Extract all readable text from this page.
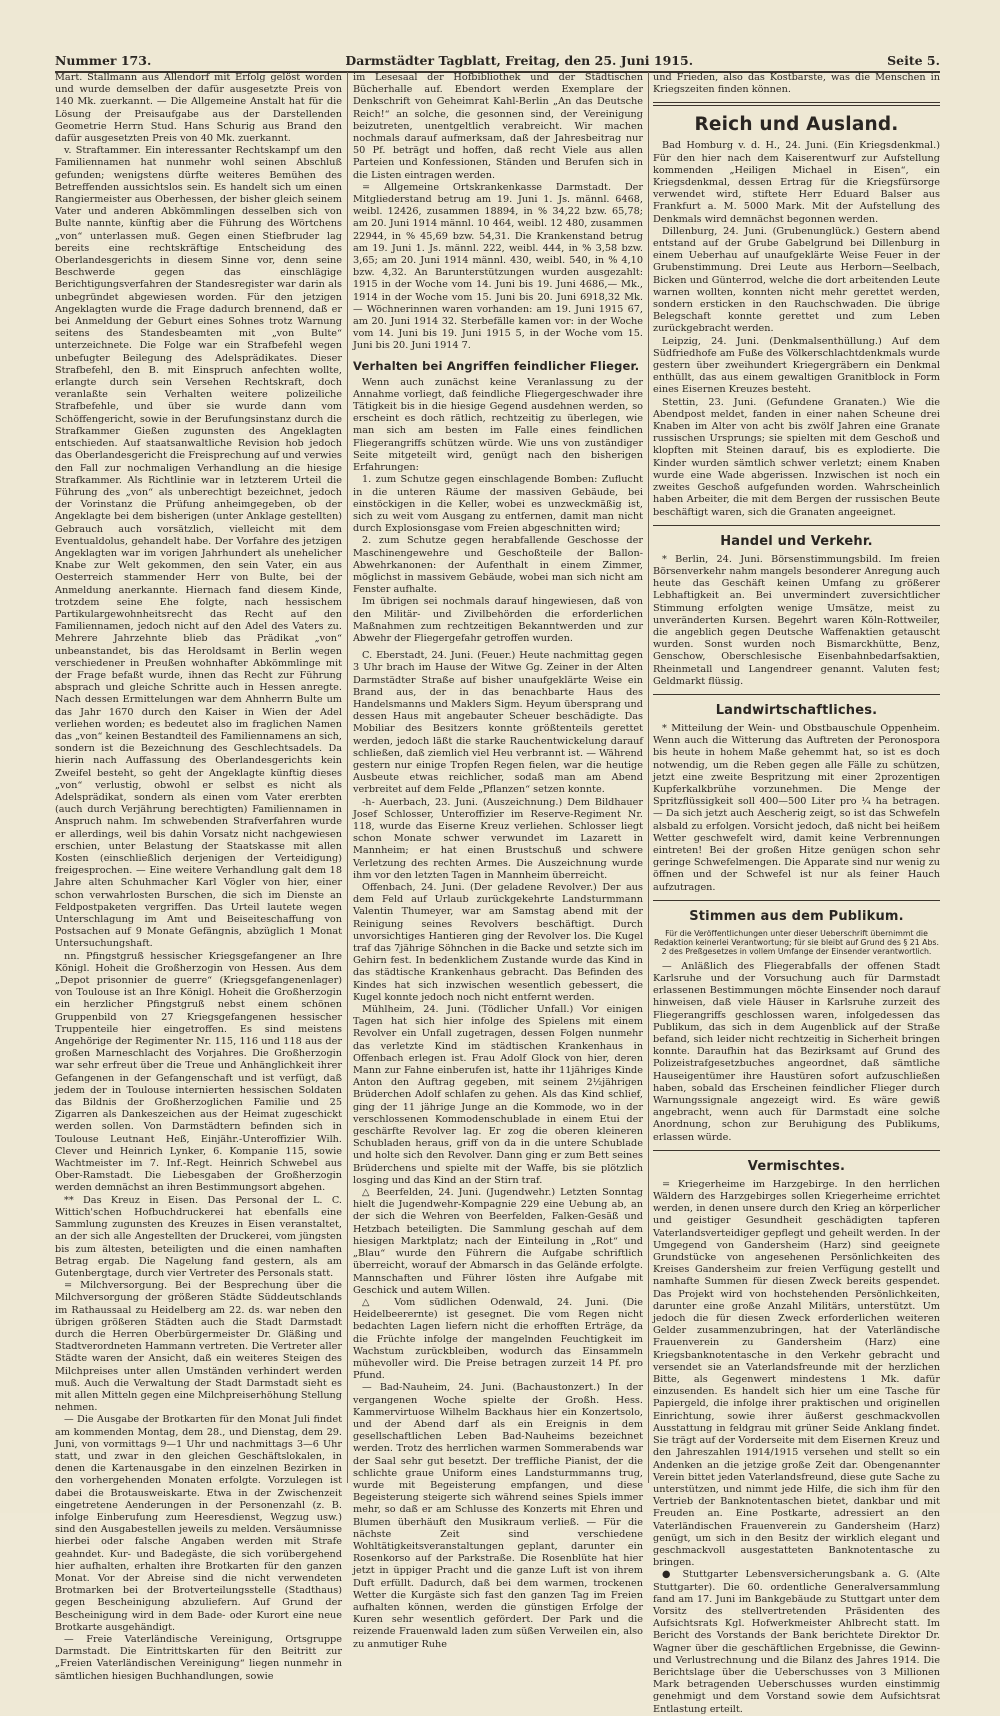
Nummer 173.	Darmstädter Tagblatt, Freitag, den 25. Juni 1915.	Seite 5.

Mart. Stallmann aus Allendorf mit Erfolg gelöst worden und wurde demselben der dafür ausgesetzte Preis von 140 Mk. zuerkannt. — Die Allgemeine Anstalt hat für die Lösung der Preisaufgabe aus der Darstellenden Geometrie Herrn Stud. Hans Schurig aus Brand den dafür ausgesetzten Preis von 40 Mk. zuerkannt.

v. Straftammer. Ein interessanter Rechtskampf um den Familiennamen hat nunmehr wohl seinen Abschluß gefunden; wenigstens dürfte weiteres Bemühen des Betreffenden aussichtslos sein. Es handelt sich um einen Rangiermeister aus Oberhessen, der bisher gleich seinem Vater und anderen Abkömmlingen desselben sich von Bulte nannte, künftig aber die Führung des Wörtchens „von“ unterlassen muß. Gegen einen Stiefbruder lag bereits eine rechtskräftige Entscheidung des Oberlandesgerichts in diesem Sinne vor, denn seine Beschwerde gegen das einschlägige Berichtigungsverfahren der Standesregister war darin als unbegründet abgewiesen worden. Für den jetzigen Angeklagten wurde die Frage dadurch brennend, daß er bei Anmeldung der Geburt eines Sohnes trotz Warnung seitens des Standesbeamten mit „von Bulte“ unterzeichnete. Die Folge war ein Strafbefehl wegen unbefugter Beilegung des Adelsprädikates. Dieser Strafbefehl, den B. mit Einspruch anfechten wollte, erlangte durch sein Versehen Rechtskraft, doch veranlaßte sein Verhalten weitere polizeiliche Strafbefehle, und über sie wurde dann vom Schöffengericht, sowie in der Berufungsinstanz durch die Strafkammer Gießen zugunsten des Angeklagten entschieden. Auf staatsanwaltliche Revision hob jedoch das Oberlandesgericht die Freisprechung auf und verwies den Fall zur nochmaligen Verhandlung an die hiesige Strafkammer. Als Richtlinie war in letzterem Urteil die Führung des „von“ als unberechtigt bezeichnet, jedoch der Vorinstanz die Prüfung anheimgegeben, ob der Angeklagte bei dem bisherigen (unter Anklage gestellten) Gebrauch auch vorsätzlich, vielleicht mit dem Eventualdolus, gehandelt habe. Der Vorfahre des jetzigen Angeklagten war im vorigen Jahrhundert als unehelicher Knabe zur Welt gekommen, den sein Vater, ein aus Oesterreich stammender Herr von Bulte, bei der Anmeldung anerkannte. Hiernach fand diesem Kinde, trotzdem seine Ehe folgte, nach hessischem Partikulargewohnheitsrecht das Recht auf den Familiennamen, jedoch nicht auf den Adel des Vaters zu. Mehrere Jahrzehnte blieb das Prädikat „von“ unbeanstandet, bis das Heroldsamt in Berlin wegen verschiedener in Preußen wohnhafter Abkömmlinge mit der Frage befaßt wurde, ihnen das Recht zur Führung absprach und gleiche Schritte auch in Hessen anregte. Nach dessen Ermittelungen war dem Ahnherrn Bulte um das Jahr 1670 durch den Kaiser in Wien der Adel verliehen worden; es bedeutet also im fraglichen Namen das „von“ keinen Bestandteil des Familiennamens an sich, sondern ist die Bezeichnung des Geschlechtsadels. Da hierin nach Auffassung des Oberlandesgerichts kein Zweifel besteht, so geht der Angeklagte künftig dieses „von“ verlustig, obwohl er selbst es nicht als Adelsprädikat, sondern als einen vom Vater ererbten (auch durch Verjährung berechtigten) Familiennamen in Anspruch nahm. Im schwebenden Strafverfahren wurde er allerdings, weil bis dahin Vorsatz nicht nachgewiesen erschien, unter Belastung der Staatskasse mit allen Kosten (einschließlich derjenigen der Verteidigung) freigesprochen. — Eine weitere Verhandlung galt dem 18 Jahre alten Schuhmacher Karl Vögler von hier, einer schon verwahrlosten Burschen, die sich im Dienste an Feldpostpaketen vergriffen. Das Urteil lautete wegen Unterschlagung im Amt und Beiseiteschaffung von Postsachen auf 9 Monate Gefängnis, abzüglich 1 Monat Untersuchungshaft.

nn. Pfingstgruß hessischer Kriegsgefangener an Ihre Königl. Hoheit die Großherzogin von Hessen. Aus dem „Depot prisonnier de guerre“ (Kriegsgefangenenlager) von Toulouse ist an Ihre Königl. Hoheit die Großherzogin ein herzlicher Pfingstgruß nebst einem schönen Gruppenbild von 27 Kriegsgefangenen hessischer Truppenteile hier eingetroffen. Es sind meistens Angehörige der Regimenter Nr. 115, 116 und 118 aus der großen Marneschlacht des Vorjahres. Die Großherzogin war sehr erfreut über die Treue und Anhänglichkeit ihrer Gefangenen in der Gefangenschaft und ist verfügt, daß jedem der in Toulouse internierten hessischen Soldaten das Bildnis der Großherzoglichen Familie und 25 Zigarren als Dankeszeichen aus der Heimat zugeschickt werden sollen. Von Darmstädtern befinden sich in Toulouse Leutnant Heß, Einjähr.-Unteroffizier Wilh. Clever und Heinrich Lynker, 6. Kompanie 115, sowie Wachtmeister im 7. Inf.-Regt. Heinrich Schwebel aus Ober-Ramstadt. Die Liebesgaben der Großherzogin werden demnächst an ihren Bestimmungsort abgehen.

** Das Kreuz in Eisen. Das Personal der L. C. Wittich'schen Hofbuchdruckerei hat ebenfalls eine Sammlung zugunsten des Kreuzes in Eisen veranstaltet, an der sich alle Angestellten der Druckerei, vom jüngsten bis zum ältesten, beteiligten und die einen namhaften Betrag ergab. Die Nagelung fand gestern, als am Gutenbergtage, durch vier Vertreter des Personals statt.

= Milchversorgung. Bei der Besprechung über die Milchversorgung der größeren Städte Süddeutschlands im Rathaussaal zu Heidelberg am 22. ds. war neben den übrigen größeren Städten auch die Stadt Darmstadt durch die Herren Oberbürgermeister Dr. Gläßing und Stadtverordneten Hammann vertreten. Die Vertreter aller Städte waren der Ansicht, daß ein weiteres Steigen des Milchpreises unter allen Umständen verhindert werden muß. Auch die Verwaltung der Stadt Darmstadt sieht es mit allen Mitteln gegen eine Milchpreiserhöhung Stellung nehmen.

— Die Ausgabe der Brotkarten für den Monat Juli findet am kommenden Montag, dem 28., und Dienstag, dem 29. Juni, von vormittags 9—1 Uhr und nachmittags 3—6 Uhr statt, und zwar in den gleichen Geschäftslokalen, in denen die Kartenausgabe in den einzelnen Bezirken in den vorhergehenden Monaten erfolgte. Vorzulegen ist dabei die Brotausweiskarte. Etwa in der Zwischenzeit eingetretene Aenderungen in der Personenzahl (z. B. infolge Einberufung zum Heeresdienst, Wegzug usw.) sind den Ausgabestellen jeweils zu melden. Versäumnisse hierbei oder falsche Angaben werden mit Strafe geahndet. Kur- und Badegäste, die sich vorübergehend hier aufhalten, erhalten ihre Brotkarten für den ganzen Monat. Vor der Abreise sind die nicht verwendeten Brotmarken bei der Brotverteilungsstelle (Stadthaus) gegen Bescheinigung abzuliefern. Auf Grund der Bescheinigung wird in dem Bade- oder Kurort eine neue Brotkarte ausgehändigt.

— Freie Vaterländische Vereinigung, Ortsgruppe Darmstadt. Die Eintrittskarten für den Beitritt zur „Freien Vaterländischen Vereinigung“ liegen nunmehr in sämtlichen hiesigen Buchhandlungen, sowie

im Lesesaal der Hofbibliothek und der Städtischen Bücherhalle auf. Ebendort werden Exemplare der Denkschrift von Geheimrat Kahl-Berlin „An das Deutsche Reich!“ an solche, die gesonnen sind, der Vereinigung beizutreten, unentgeltlich verabreicht. Wir machen nochmals darauf aufmerksam, daß der Jahresbeitrag nur 50 Pf. beträgt und hoffen, daß recht Viele aus allen Parteien und Konfessionen, Ständen und Berufen sich in die Listen eintragen werden.

= Allgemeine Ortskrankenkasse Darmstadt. Der Mitgliederstand betrug am 19. Juni 1. Js. männl. 6468, weibl. 12426, zusammen 18894, in % 34,22 bzw. 65,78; am 20. Juni 1914 männl. 10 464, weibl. 12 480, zusammen 22944, in % 45,69 bzw. 54,31. Die Krankenstand betrug am 19. Juni 1. Js. männl. 222, weibl. 444, in % 3,58 bzw. 3,65; am 20. Juni 1914 männl. 430, weibl. 540, in % 4,10 bzw. 4,32. An Barunterstützungen wurden ausgezahlt: 1915 in der Woche vom 14. Juni bis 19. Juni 4686,— Mk., 1914 in der Woche vom 15. Juni bis 20. Juni 6918,32 Mk. — Wöchnerinnen waren vorhanden: am 19. Juni 1915 67, am 20. Juni 1914 32. Sterbefälle kamen vor: in der Woche vom 14. Juni bis 19. Juni 1915 5, in der Woche vom 15. Juni bis 20. Juni 1914 7.

Verhalten bei Angriffen feindlicher Flieger.

Wenn auch zunächst keine Veranlassung zu der Annahme vorliegt, daß feindliche Fliegergeschwader ihre Tätigkeit bis in die hiesige Gegend ausdehnen werden, so erscheint es doch rätlich, rechtzeitig zu überlegen, wie man sich am besten im Falle eines feindlichen Fliegerangriffs schützen würde. Wie uns von zuständiger Seite mitgeteilt wird, genügt nach den bisherigen Erfahrungen:

1. zum Schutze gegen einschlagende Bomben: Zuflucht in die unteren Räume der massiven Gebäude, bei einstöckigen in die Keller, wobei es unzweckmäßig ist, sich zu weit vom Ausgang zu entfernen, damit man nicht durch Explosionsgase vom Freien abgeschnitten wird;

2. zum Schutze gegen herabfallende Geschosse der Maschinengewehre und Geschoßteile der Ballon-Abwehrkanonen: der Aufenthalt in einem Zimmer, möglichst in massivem Gebäude, wobei man sich nicht am Fenster aufhalte.

Im übrigen sei nochmals darauf hingewiesen, daß von den Militär- und Zivilbehörden die erforderlichen Maßnahmen zum rechtzeitigen Bekanntwerden und zur Abwehr der Fliegergefahr getroffen wurden.

C. Eberstadt, 24. Juni. (Feuer.) Heute nachmittag gegen 3 Uhr brach im Hause der Witwe Gg. Zeiner in der Alten Darmstädter Straße auf bisher unaufgeklärte Weise ein Brand aus, der in das benachbarte Haus des Handelsmanns und Maklers Sigm. Heyum übersprang und dessen Haus mit angebauter Scheuer beschädigte. Das Mobiliar des Besitzers konnte größtenteils gerettet werden, jedoch läßt die starke Rauchentwickelung darauf schließen, daß ziemlich viel Heu verbrannt ist. — Während gestern nur einige Tropfen Regen fielen, war die heutige Ausbeute etwas reichlicher, sodaß man am Abend verbreitet auf dem Felde „Pflanzen“ setzen konnte.

-h- Auerbach, 23. Juni. (Auszeichnung.) Dem Bildhauer Josef Schlosser, Unteroffizier im Reserve-Regiment Nr. 118, wurde das Eiserne Kreuz verliehen. Schlosser liegt schon Monate schwer verwundet im Lazarett in Mannheim; er hat einen Brustschuß und schwere Verletzung des rechten Armes. Die Auszeichnung wurde ihm vor den letzten Tagen in Mannheim überreicht.

Offenbach, 24. Juni. (Der geladene Revolver.) Der aus dem Feld auf Urlaub zurückgekehrte Landsturmmann Valentin Thumeyer, war am Samstag abend mit der Reinigung seines Revolvers beschäftigt. Durch unvorsichtiges Hantieren ging der Revolver los. Die Kugel traf das 7jährige Söhnchen in die Backe und setzte sich im Gehirn fest. In bedenklichem Zustande wurde das Kind in das städtische Krankenhaus gebracht. Das Befinden des Kindes hat sich inzwischen wesentlich gebessert, die Kugel konnte jedoch noch nicht entfernt werden.

Mühlheim, 24. Juni. (Tödlicher Unfall.) Vor einigen Tagen hat sich hier infolge des Spielens mit einem Revolver ein Unfall zugetragen, dessen Folgen nunmehr das verletzte Kind im städtischen Krankenhaus in Offenbach erlegen ist. Frau Adolf Glock von hier, deren Mann zur Fahne einberufen ist, hatte ihr 11jähriges Kinde Anton den Auftrag gegeben, mit seinem 2½jährigen Brüderchen Adolf schlafen zu gehen. Als das Kind schlief, ging der 11 jährige Junge an die Kommode, wo in der verschlossenen Kommodenschublade in einem Etui der geschärfte Revolver lag. Er zog die oberen kleineren Schubladen heraus, griff von da in die untere Schublade und holte sich den Revolver. Dann ging er zum Bett seines Brüderchens und spielte mit der Waffe, bis sie plötzlich losging und das Kind an der Stirn traf.

△ Beerfelden, 24. Juni. (Jugendwehr.) Letzten Sonntag hielt die Jugendwehr-Kompagnie 229 eine Uebung ab, an der sich die Wehren von Beerfelden, Falken-Gesäß und Hetzbach beteiligten. Die Sammlung geschah auf dem hiesigen Marktplatz; nach der Einteilung in „Rot“ und „Blau“ wurde den Führern die Aufgabe schriftlich überreicht, worauf der Abmarsch in das Gelände erfolgte. Mannschaften und Führer lösten ihre Aufgabe mit Geschick und autem Willen.

△ Vom südlichen Odenwald, 24. Juni. (Die Heidelbeerernte) ist gesegnet. Die vom Regen nicht bedachten Lagen liefern nicht die erhofften Erträge, da die Früchte infolge der mangelnden Feuchtigkeit im Wachstum zurückbleiben, wodurch das Einsammeln mühevoller wird. Die Preise betragen zurzeit 14 Pf. pro Pfund.

— Bad-Nauheim, 24. Juni. (Bachaustonzert.) In der vergangenen Woche spielte der Großh. Hess. Kammervirtuose Wilhelm Backhaus hier ein Konzertsolo, und der Abend darf als ein Ereignis in dem gesellschaftlichen Leben Bad-Nauheims bezeichnet werden. Trotz des herrlichen warmen Sommerabends war der Saal sehr gut besetzt. Der treffliche Pianist, der die schlichte graue Uniform eines Landsturmmanns trug, wurde mit Begeisterung empfangen, und diese Begeisterung steigerte sich während seines Spiels immer mehr, so daß er am Schlusse des Konzerts mit Ehren und Blumen überhäuft den Musikraum verließ. — Für die nächste Zeit sind verschiedene Wohltätigkeitsveranstaltungen geplant, darunter ein Rosenkorso auf der Parkstraße. Die Rosenblüte hat hier jetzt in üppiger Pracht und die ganze Luft ist von ihrem Duft erfüllt. Dadurch, daß bei dem warmen, trockenen Wetter die Kurgäste sich fast den ganzen Tag im Freien aufhalten können, werden die günstigen Erfolge der Kuren sehr wesentlich gefördert. Der Park und die reizende Frauenwald laden zum süßen Verweilen ein, also zu anmutiger Ruhe

und Frieden, also das Kostbarste, was die Menschen in Kriegszeiten finden können.

Reich und Ausland.

Bad Homburg v. d. H., 24. Juni. (Ein Kriegsdenkmal.) Für den hier nach dem Kaiserentwurf zur Aufstellung kommenden „Heiligen Michael in Eisen“, ein Kriegsdenkmal, dessen Ertrag für die Kriegsfürsorge verwendet wird, stiftete Herr Eduard Balser aus Frankfurt a. M. 5000 Mark. Mit der Aufstellung des Denkmals wird demnächst begonnen werden.

Dillenburg, 24. Juni. (Grubenunglück.) Gestern abend entstand auf der Grube Gabelgrund bei Dillenburg in einem Ueberhau auf unaufgeklärte Weise Feuer in der Grubenstimmung. Drei Leute aus Herborn—Seelbach, Bicken und Günterrod, welche die dort arbeitenden Leute warnen wollten, konnten nicht mehr gerettet werden, sondern ersticken in den Rauchschwaden. Die übrige Belegschaft konnte gerettet und zum Leben zurückgebracht werden.

Leipzig, 24. Juni. (Denkmalsenthüllung.) Auf dem Südfriedhofe am Fuße des Völkerschlachtdenkmals wurde gestern über zweihundert Kriegergräbern ein Denkmal enthüllt, das aus einem gewaltigen Granitblock in Form eines Eisernen Kreuzes besteht.

Stettin, 23. Juni. (Gefundene Granaten.) Wie die Abendpost meldet, fanden in einer nahen Scheune drei Knaben im Alter von acht bis zwölf Jahren eine Granate russischen Ursprungs; sie spielten mit dem Geschoß und klopften mit Steinen darauf, bis es explodierte. Die Kinder wurden sämtlich schwer verletzt; einem Knaben wurde eine Wade abgerissen. Inzwischen ist noch ein zweites Geschoß aufgefunden worden. Wahrscheinlich haben Arbeiter, die mit dem Bergen der russischen Beute beschäftigt waren, sich die Granaten angeeignet.

Handel und Verkehr.

* Berlin, 24. Juni. Börsenstimmungsbild. Im freien Börsenverkehr nahm mangels besonderer Anregung auch heute das Geschäft keinen Umfang zu größerer Lebhaftigkeit an. Bei unvermindert zuversichtlicher Stimmung erfolgten wenige Umsätze, meist zu unveränderten Kursen. Begehrt waren Köln-Rottweiler, die angeblich gegen Deutsche Waffenaktien getauscht wurden. Sonst wurden noch Bismarckhütte, Benz, Genschow, Oberschlesische Eisenbahnbedarfsaktien, Rheinmetall und Langendreer genannt. Valuten fest; Geldmarkt flüssig.

Landwirtschaftliches.

* Mitteilung der Wein- und Obstbauschule Oppenheim. Wenn auch die Witterung das Auftreten der Peronospora bis heute in hohem Maße gehemmt hat, so ist es doch notwendig, um die Reben gegen alle Fälle zu schützen, jetzt eine zweite Bespritzung mit einer 2prozentigen Kupferkalkbrühe vorzunehmen. Die Menge der Spritzflüssigkeit soll 400—500 Liter pro ¼ ha betragen. — Da sich jetzt auch Aescherig zeigt, so ist das Schwefeln alsbald zu erfolgen. Vorsicht jedoch, daß nicht bei heißem Wetter geschwefelt wird, damit keine Verbrennungen eintreten! Bei der großen Hitze genügen schon sehr geringe Schwefelmengen. Die Apparate sind nur wenig zu öffnen und der Schwefel ist nur als feiner Hauch aufzutragen.

Stimmen aus dem Publikum.
Für die Veröffentlichungen unter dieser Ueberschrift übernimmt die Redaktion keinerlei Verantwortung; für sie bleibt auf Grund des § 21 Abs. 2 des Preßgesetzes in vollem Umfange der Einsender verantwortlich.

— Anläßlich des Fliegerabfalls der offenen Stadt Karlsruhe und der Vorsuchung auch für Darmstadt erlassenen Bestimmungen möchte Einsender noch darauf hinweisen, daß viele Häuser in Karlsruhe zurzeit des Fliegerangriffs geschlossen waren, infolgedessen das Publikum, das sich in dem Augenblick auf der Straße befand, sich leider nicht rechtzeitig in Sicherheit bringen konnte. Daraufhin hat das Bezirksamt auf Grund des Polizeistrafgesetzbuches angeordnet, daß sämtliche Hauseigentümer ihre Haustüren sofort aufzuschließen haben, sobald das Erscheinen feindlicher Flieger durch Warnungssignale angezeigt wird. Es wäre gewiß angebracht, wenn auch für Darmstadt eine solche Anordnung, schon zur Beruhigung des Publikums, erlassen würde.

Vermischtes.

= Kriegerheime im Harzgebirge. In den herrlichen Wäldern des Harzgebirges sollen Kriegerheime errichtet werden, in denen unsere durch den Krieg an körperlicher und geistiger Gesundheit geschädigten tapferen Vaterlandsverteidiger gepflegt und geheilt werden. In der Umgegend von Gandersheim (Harz) sind geeignete Grundstücke von angesehenen Persönlichkeiten des Kreises Gandersheim zur freien Verfügung gestellt und namhafte Summen für diesen Zweck bereits gespendet. Das Projekt wird von hochstehenden Persönlichkeiten, darunter eine große Anzahl Militärs, unterstützt. Um jedoch die für diesen Zweck erforderlichen weiteren Gelder zusammenzubringen, hat der Vaterländische Frauenverein zu Gandersheim (Harz) eine Kriegsbanknotentasche in den Verkehr gebracht und versendet sie an Vaterlandsfreunde mit der herzlichen Bitte, als Gegenwert mindestens 1 Mk. dafür einzusenden. Es handelt sich hier um eine Tasche für Papiergeld, die infolge ihrer praktischen und originellen Einrichtung, sowie ihrer äußerst geschmackvollen Ausstattung in feldgrau mit grüner Seide Anklang findet. Sie trägt auf der Vorderseite mit dem Eisernen Kreuz und den Jahreszahlen 1914/1915 versehen und stellt so ein Andenken an die jetzige große Zeit dar. Obengenannter Verein bittet jeden Vaterlandsfreund, diese gute Sache zu unterstützen, und nimmt jede Hilfe, die sich ihm für den Vertrieb der Banknotentaschen bietet, dankbar und mit Freuden an. Eine Postkarte, adressiert an den Vaterländischen Frauenverein zu Gandersheim (Harz) genügt, um sich in den Besitz der wirklich elegant und geschmackvoll ausgestatteten Banknotentasche zu bringen.

● Stuttgarter Lebensversicherungsbank a. G. (Alte Stuttgarter). Die 60. ordentliche Generalversammlung fand am 17. Juni im Bankgebäude zu Stuttgart unter dem Vorsitz des stellvertretenden Präsidenten des Aufsichtsrats Kgl. Hofwerkmeister Ahlbrecht statt. Im Bericht des Vorstands der Bank berichtete Direktor Dr. Wagner über die geschäftlichen Ergebnisse, die Gewinn- und Verlustrechnung und die Bilanz des Jahres 1914. Die Berichtslage über die Ueberschusses von 3 Millionen Mark betragenden Ueberschusses wurden einstimmig genehmigt und dem Vorstand sowie dem Aufsichtsrat Entlastung erteilt.
